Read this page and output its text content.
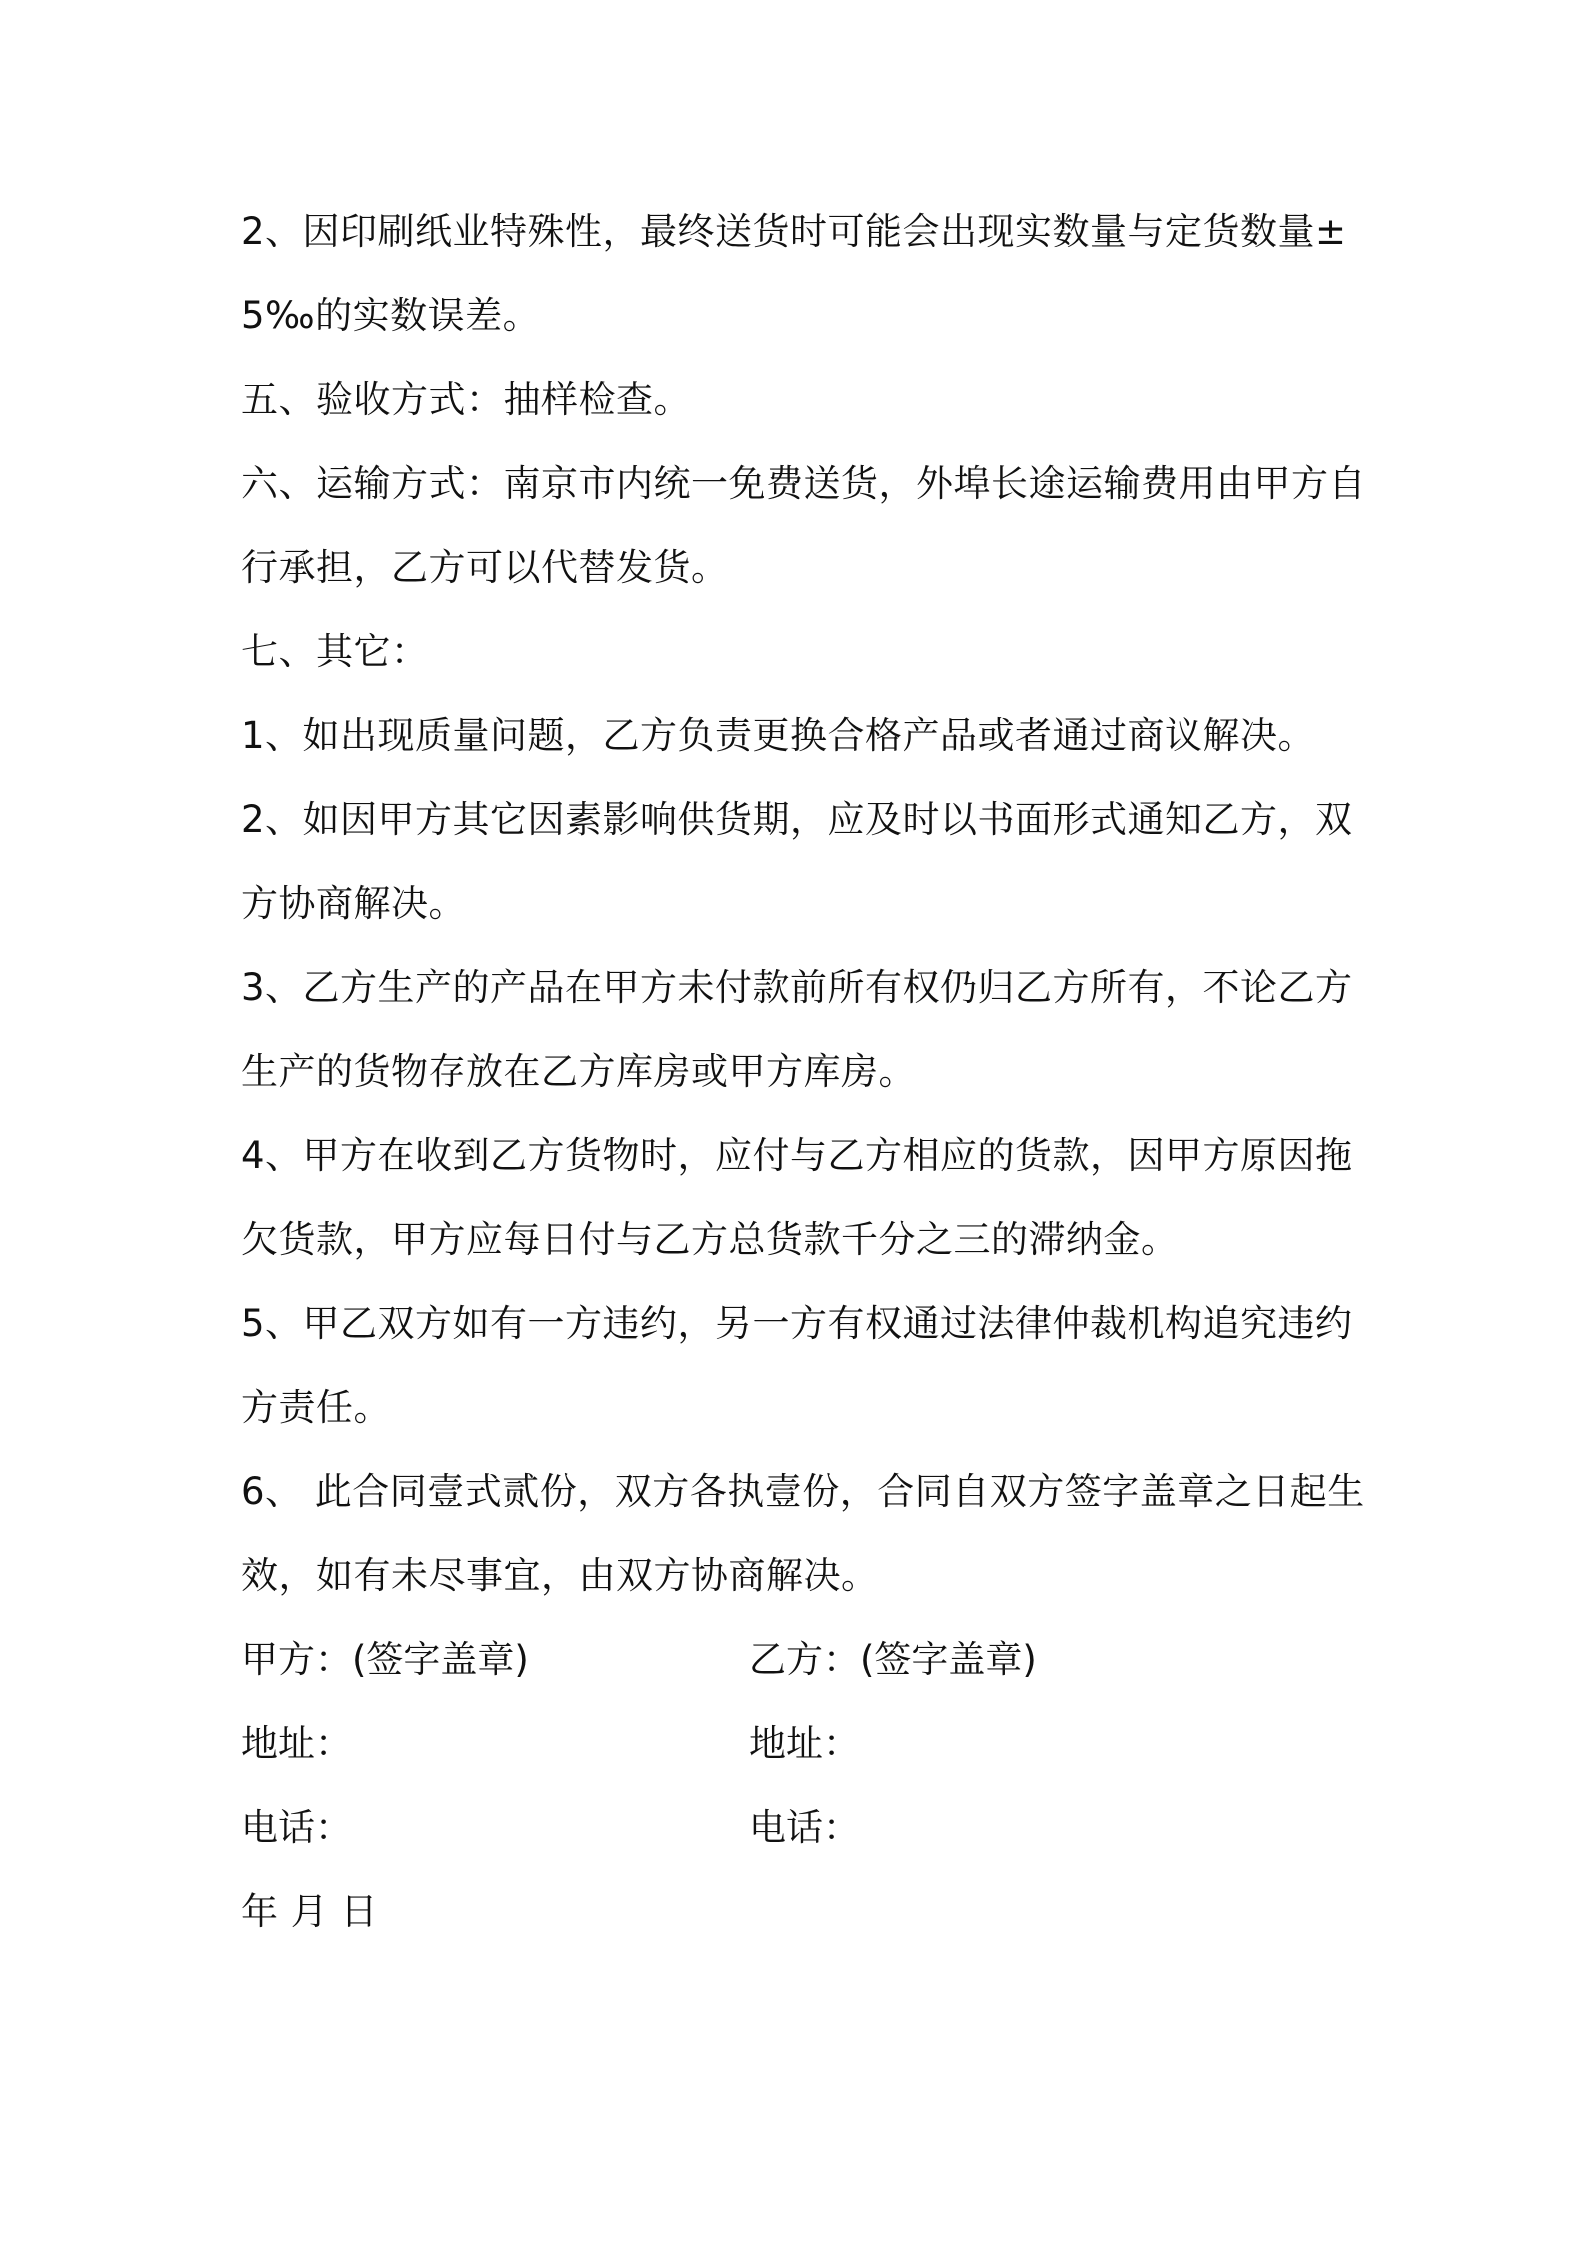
2、因印刷纸业特殊性，最终送货时可能会出现实数量与定货数量±
5‰的实数误差。
五、验收方式：抽样检查。
六、运输方式：南京市内统一免费送货，外埠长途运输费用由甲方自
行承担，乙方可以代替发货。
七、其它：
1、如出现质量问题，乙方负责更换合格产品或者通过商议解决。
2、如因甲方其它因素影响供货期，应及时以书面形式通知乙方，双
方协商解决。
3、乙方生产的产品在甲方未付款前所有权仍归乙方所有，不论乙方
生产的货物存放在乙方库房或甲方库房。
4、甲方在收到乙方货物时，应付与乙方相应的货款，因甲方原因拖
欠货款，甲方应每日付与乙方总货款千分之三的滞纳金。
5、甲乙双方如有一方违约，另一方有权通过法律仲裁机构追究违约
方责任。
6、 此合同壹式贰份，双方各执壹份，合同自双方签字盖章之日起生
效，如有未尽事宜，由双方协商解决。
甲方：(签字盖章)	乙方：(签字盖章)
地址：	地址：
电话：	电话：
年 月 日
